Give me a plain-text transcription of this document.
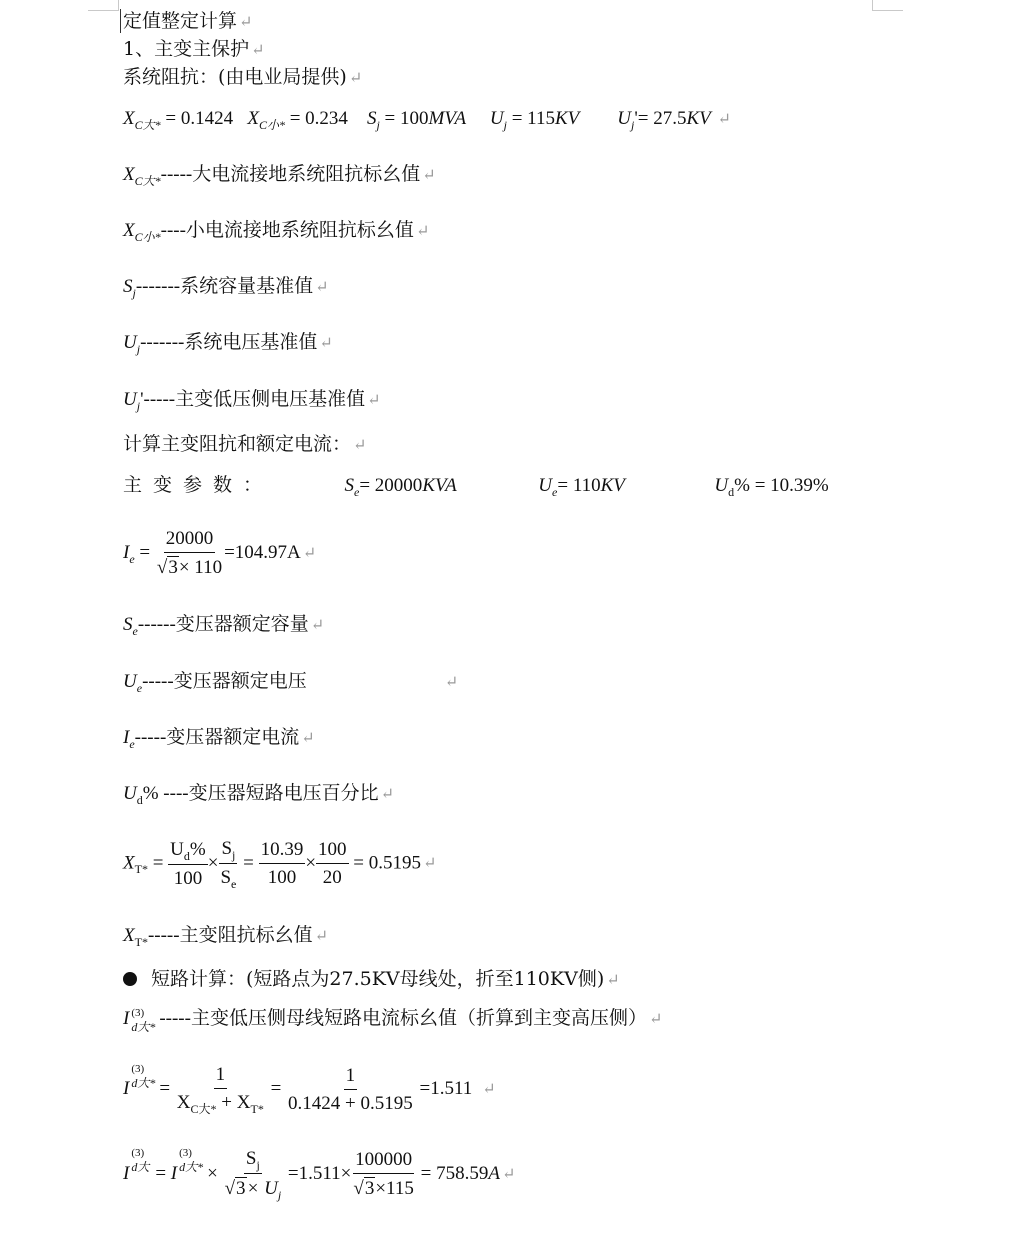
定值整定计算 ↵
1、主变主保护 ↵
系统阻抗：(由电业局提供) ↵
$X_{C大*} = 0.1424$ $X_{C小*} = 0.234$ $S_j = 100MVA$ $U_j = 115KV$ $U_j'= 27.5KV$ ↵
$X_{C大*}-----$大电流接地系统阻抗标幺值 ↵
$X_{C小*}----$小电流接地系统阻抗标幺值 ↵
$S_j-------$系统容量基准值 ↵
$U_j-------$系统电压基准值 ↵
$U_j'-----$主变低压侧电压基准值 ↵
计算主变阻抗和额定电流： ↵
主变参数：	$S_e= 20000KVA$	$U_e= 110KV$	$U_d\% = 10.39\%$
$I_e = \frac{20000}{√3\times 110} =104.97A$ ↵
$S_e------$变压器额定容量 ↵
$U_e-----$变压器额定电压	↵
$I_e-----$变压器额定电流 ↵
$U_d\%$ ----变压器短路电压百分比 ↵
$X_{T*} = \frac{U_d\%}{100} \times \frac{S_j}{S_e} = \frac{10.39}{100} \times \frac{100}{20} = 0.5195$ ↵
$X_{T*}-----$主变阻抗标幺值 ↵
短路计算：(短路点为27.5KV母线处，折至110KV侧) ↵
I (3)
d大* -----主变低压侧母线短路电流标幺值（折算到主变高压侧） ↵
I
(3)
d大* =
1
$X_{C大*} + X_{T*}$
= $\frac{1}{0.1424 + 0.5195} =1.511$ ↵
I
(3)
d大 = I
(3)
d大* × $\frac{S_j}{√3\times U_j} =1.511\times \frac{100000}{√3\times 115} = 758.59A$ ↵
